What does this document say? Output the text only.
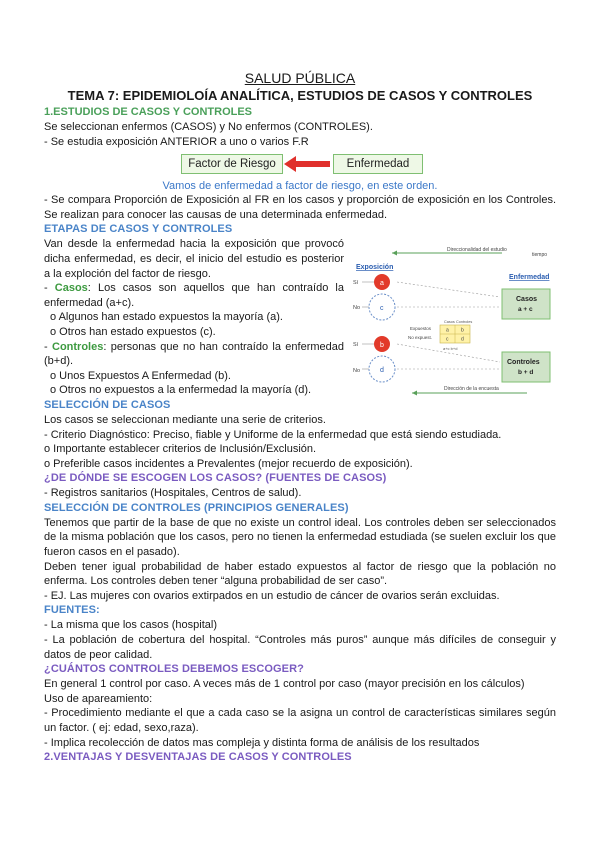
SALUD PÚBLICA
TEMA 7: EPIDEMIOLOÍA ANALÍTICA, ESTUDIOS DE CASOS Y CONTROLES
1.ESTUDIOS DE CASOS Y CONTROLES

Se seleccionan enfermos (CASOS) y No enfermos (CONTROLES).

- Se estudia exposición ANTERIOR a uno o varios F.R

Factor de Riesgo	Enfermedad
Vamos de enfermedad a factor de riesgo, en este orden.

- Se compara Proporción de Exposición al FR en los casos y proporción de exposición en los Controles. Se realizan para conocer las causas de una determinada enfermedad.

ETAPAS DE CASOS Y CONTROLES

Van desde la enfermedad hacia la exposición que provocó dicha enfermedad, es decir, el inicio del estudio es posterior a la exploción del factor de riesgo.

- Casos: Los casos son aquellos que han contraído la enfermedad (a+c).

o Algunos han estado expuestos la mayoría (a).

o Otros han estado expuestos (c).

- Controles: personas que no han contraído la enfermedad (b+d).

o Unos Expuestos A Enfermedad (b).

o Otros no expuestos a la enfermedad la mayoría (d).

Direccionalidad del estudio
tiempo
Exposición
Enfermedad
Sí
No
Sí
No
a
c
b
d
Casos
a + c
Controles
b + d
Casos Controles
Expuestos
No expuest.
a b
c	d
a+c b+d
Dirección de la encuesta
SELECCIÓN DE CASOS

Los casos se seleccionan mediante una serie de criterios.

- Criterio Diagnóstico: Preciso, fiable y Uniforme de la enfermedad que está siendo estudiada.

o Importante establecer criterios de Inclusión/Exclusión.

o Preferible casos incidentes a Prevalentes (mejor recuerdo de exposición).

¿DE DÓNDE SE ESCOGEN LOS CASOS? (FUENTES DE CASOS)

- Registros sanitarios (Hospitales, Centros de salud).

SELECCIÓN DE CONTROLES (PRINCIPIOS GENERALES)

Tenemos que partir de la base de que no existe un control ideal. Los controles deben ser seleccionados de la misma población que los casos, pero no tienen la enfermedad estudiada (se suelen excluir los que fueron casos en el pasado).

Deben tener igual probabilidad de haber estado expuestos al factor de riesgo que la población no enferma. Los controles deben tener “alguna probabilidad de ser caso”.

- EJ. Las mujeres con ovarios extirpados en un estudio de cáncer de ovarios serán excluidas.

FUENTES:

- La misma que los casos (hospital)

- La población de cobertura del hospital. “Controles más puros” aunque más difíciles de conseguir y datos de peor calidad.

¿CUÁNTOS CONTROLES DEBEMOS ESCOGER?

En general 1 control por caso. A veces más de 1 control por caso (mayor precisión en los cálculos)

Uso de apareamiento:

- Procedimiento mediante el que a cada caso se la asigna un control de características similares según un factor. ( ej: edad, sexo,raza).

- Implica recolección de datos mas compleja y distinta forma de análisis de los resultados

2.VENTAJAS Y DESVENTAJAS DE CASOS Y CONTROLES
